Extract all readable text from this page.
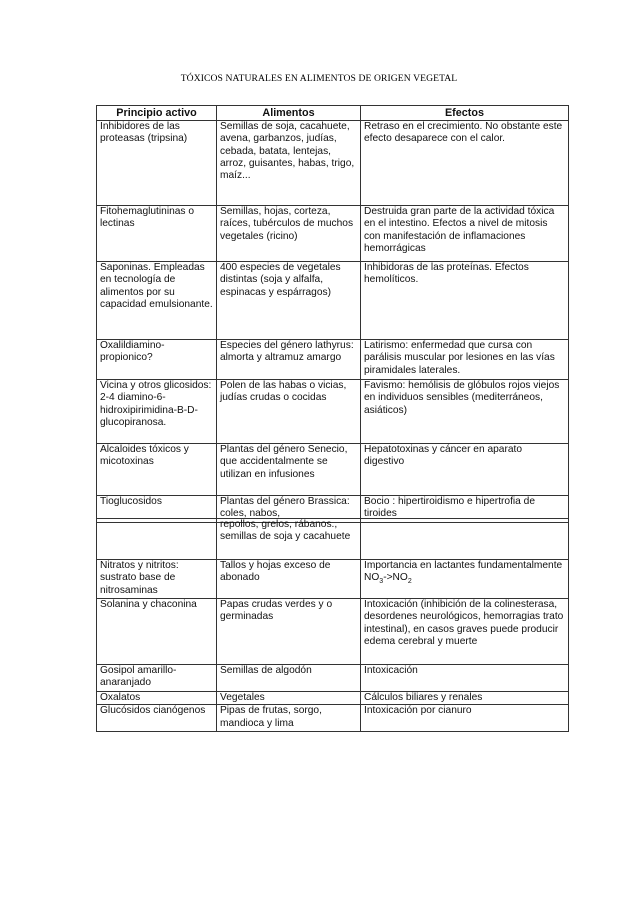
TÓXICOS NATURALES EN ALIMENTOS DE ORIGEN VEGETAL
Principio activo	Alimentos	Efectos
Inhibidores de las proteasas (tripsina)	Semillas de soja, cacahuete, avena, garbanzos, judías, cebada, batata, lentejas, arroz, guisantes, habas, trigo, maíz...	Retraso en el crecimiento. No obstante este efecto desaparece con el calor.
Fitohemaglutininas o lectinas	Semillas, hojas, corteza, raíces, tubérculos de muchos vegetales (ricino)	Destruida gran parte de la actividad tóxica en el intestino. Efectos a nivel de mitosis con manifestación de inflamaciones hemorrágicas
Saponinas. Empleadas en tecnología de alimentos por su capacidad emulsionante.	400 especies de vegetales distintas (soja y alfalfa, espinacas y espárragos)	Inhibidoras de las proteínas. Efectos hemolíticos.
Oxalildiamino-propionico?	Especies del género lathyrus: almorta y altramuz amargo	Latirismo: enfermedad que cursa con parálisis muscular por lesiones en las vías piramidales laterales.
Vicina y otros glicosidos: 2-4 diamino-6-hidroxipirimidina-B-D-glucopiranosa.	Polen de las habas o vicias, judías crudas o cocidas	Favismo: hemólisis de glóbulos rojos viejos en individuos sensibles (mediterráneos, asiáticos)
Alcaloides tóxicos y micotoxinas	Plantas del género Senecio, que accidentalmente se utilizan en infusiones	Hepatotoxinas y cáncer en aparato digestivo
Tioglucosidos	Plantas del género Brassica: coles, nabos,	Bocio : hipertiroidismo e hipertrofia de tiroides
	repollos, grelos, rábanos., semillas de soja y cacahuete	
Nitratos y nitritos: sustrato base de nitrosaminas	Tallos y hojas exceso de abonado	Importancia en lactantes fundamentalmente $NO_3->NO_2$
Solanina y chaconina	Papas crudas verdes y o germinadas	Intoxicación (inhibición de la colinesterasa, desordenes neurológicos, hemorragias trato intestinal), en casos graves puede producir edema cerebral y muerte
Gosipol amarillo-anaranjado	Semillas de algodón	Intoxicación
Oxalatos	Vegetales	Cálculos biliares y renales
Glucósidos cianógenos	Pipas de frutas, sorgo, mandioca y lima	Intoxicación por cianuro
